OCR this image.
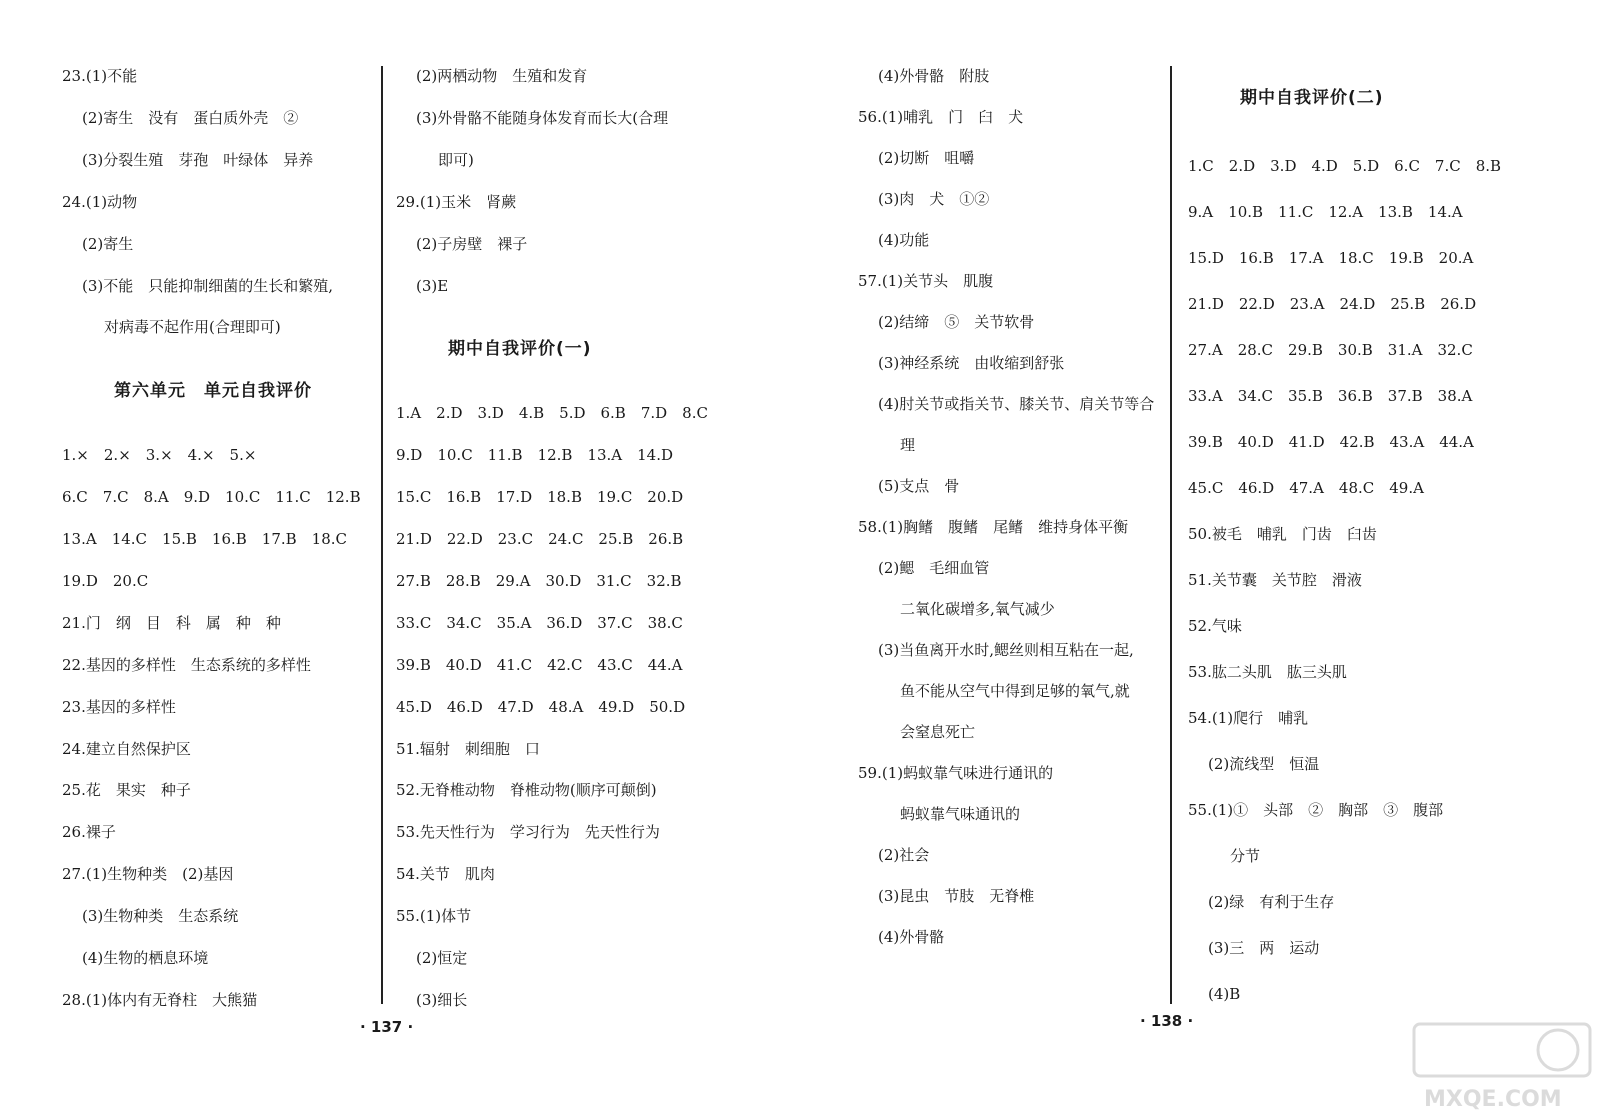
23.(1)不能
(2)寄生　没有　蛋白质外壳　②
(3)分裂生殖　芽孢　叶绿体　异养
24.(1)动物
(2)寄生
(3)不能　只能抑制细菌的生长和繁殖,
对病毒不起作用(合理即可)
第六单元　单元自我评价
1.×　2.×　3.×　4.×　5.×
6.C　7.C　8.A　9.D　10.C　11.C　12.B
13.A　14.C　15.B　16.B　17.B　18.C
19.D　20.C
21.门　纲　目　科　属　种　种
22.基因的多样性　生态系统的多样性
23.基因的多样性
24.建立自然保护区
25.花　果实　种子
26.裸子
27.(1)生物种类　(2)基因
(3)生物种类　生态系统
(4)生物的栖息环境
28.(1)体内有无脊柱　大熊猫
(2)两栖动物　生殖和发育
(3)外骨骼不能随身体发育而长大(合理
即可)
29.(1)玉米　肾蕨
(2)子房壁　裸子
(3)E
期中自我评价(一)
1.A　2.D　3.D　4.B　5.D　6.B　7.D　8.C
9.D　10.C　11.B　12.B　13.A　14.D
15.C　16.B　17.D　18.B　19.C　20.D
21.D　22.D　23.C　24.C　25.B　26.B
27.B　28.B　29.A　30.D　31.C　32.B
33.C　34.C　35.A　36.D　37.C　38.C
39.B　40.D　41.C　42.C　43.C　44.A
45.D　46.D　47.D　48.A　49.D　50.D
51.辐射　刺细胞　口
52.无脊椎动物　脊椎动物(顺序可颠倒)
53.先天性行为　学习行为　先天性行为
54.关节　肌肉
55.(1)体节
(2)恒定
(3)细长
(4)外骨骼　附肢
56.(1)哺乳　门　臼　犬
(2)切断　咀嚼
(3)肉　犬　①②
(4)功能
57.(1)关节头　肌腹
(2)结缔　⑤　关节软骨
(3)神经系统　由收缩到舒张
(4)肘关节或指关节、膝关节、肩关节等合
理
(5)支点　骨
58.(1)胸鳍　腹鳍　尾鳍　维持身体平衡
(2)鳃　毛细血管
二氧化碳增多,氧气减少
(3)当鱼离开水时,鳃丝则相互粘在一起,
鱼不能从空气中得到足够的氧气,就
会窒息死亡
59.(1)蚂蚁靠气味进行通讯的
蚂蚁靠气味通讯的
(2)社会
(3)昆虫　节肢　无脊椎
(4)外骨骼
期中自我评价(二)
1.C　2.D　3.D　4.D　5.D　6.C　7.C　8.B
9.A　10.B　11.C　12.A　13.B　14.A
15.D　16.B　17.A　18.C　19.B　20.A
21.D　22.D　23.A　24.D　25.B　26.D
27.A　28.C　29.B　30.B　31.A　32.C
33.A　34.C　35.B　36.B　37.B　38.A
39.B　40.D　41.D　42.B　43.A　44.A
45.C　46.D　47.A　48.C　49.A
50.被毛　哺乳　门齿　臼齿
51.关节囊　关节腔　滑液
52.气味
53.肱二头肌　肱三头肌
54.(1)爬行　哺乳
(2)流线型　恒温
55.(1)①　头部　②　胸部　③　腹部
分节
(2)绿　有利于生存
(3)三　两　运动
(4)B
· 137 ·	· 138 ·
MXQE.COM
